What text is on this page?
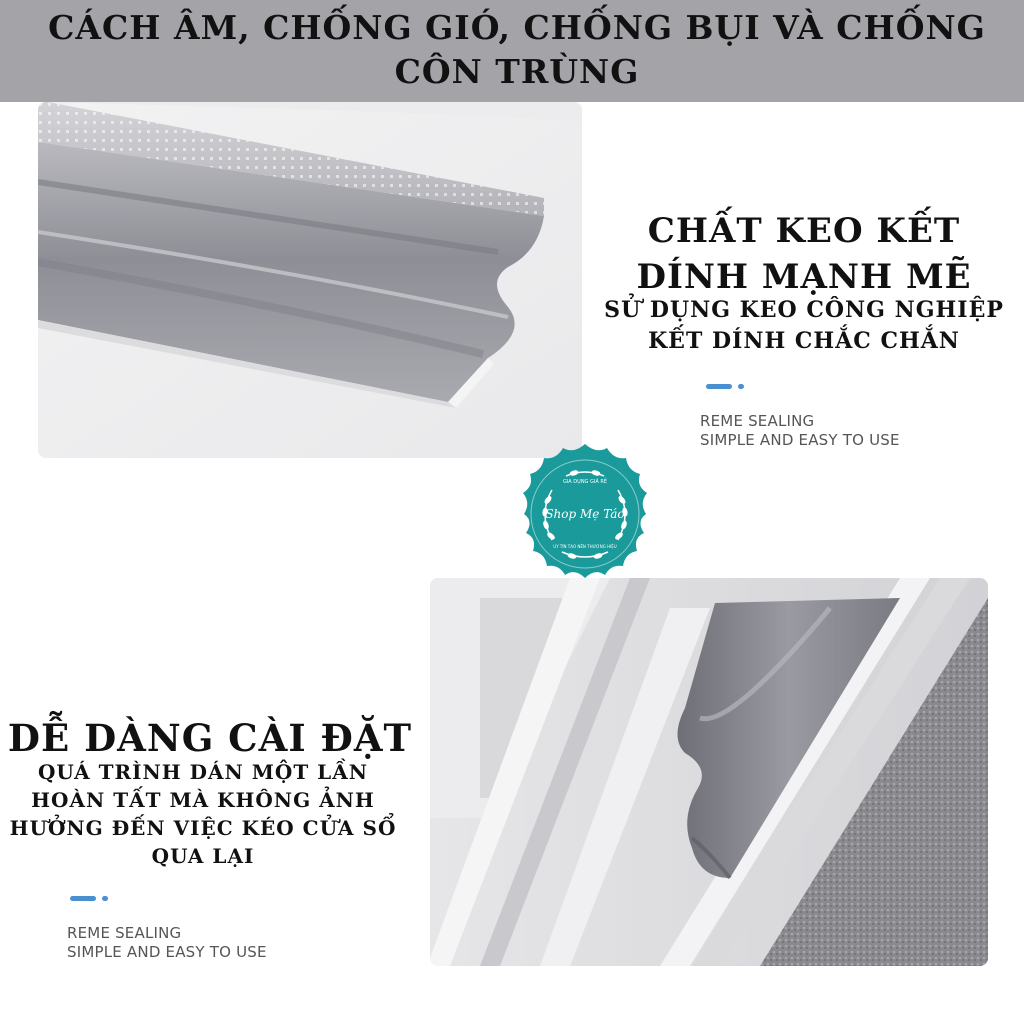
CÁCH ÂM, CHỐNG GIÓ, CHỐNG BỤI VÀ CHỐNG CÔN TRÙNG
CHẤT KEO KẾT DÍNH MẠNH MẼ

SỬ DỤNG KEO CÔNG NGHIỆP KẾT DÍNH CHẮC CHẮN

REME SEALING
SIMPLE AND EASY TO USE
GIA DỤNG GIÁ RẺ
Shop Mẹ Táo
UY TÍN TẠO NÊN THƯƠNG HIỆU
DỄ DÀNG CÀI ĐẶT

QUÁ TRÌNH DÁN MỘT LẦN HOÀN TẤT MÀ KHÔNG ẢNH HƯỞNG ĐẾN VIỆC KÉO CỬA SỔ QUA LẠI

REME SEALING
SIMPLE AND EASY TO USE
